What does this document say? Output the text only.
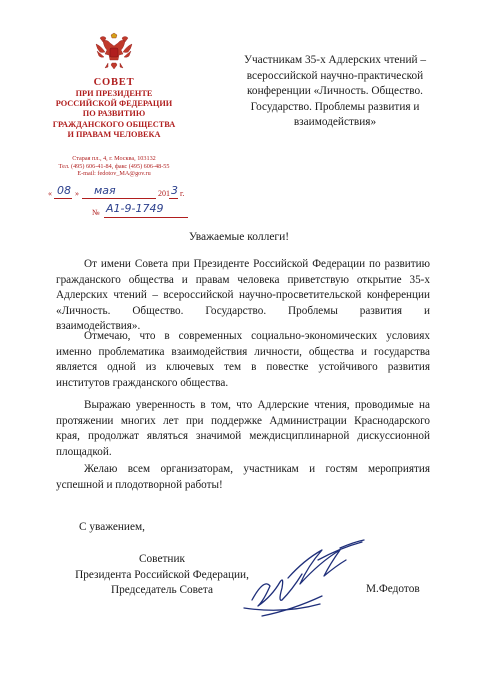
СОВЕТ
ПРИ ПРЕЗИДЕНТЕ
РОССИЙСКОЙ ФЕДЕРАЦИИ
ПО РАЗВИТИЮ
ГРАЖДАНСКОГО ОБЩЕСТВА
И ПРАВАМ ЧЕЛОВЕКА
Старая пл., 4, г. Москва, 103132
Тел. (495) 606-41-84, факс (495) 606-48-55
E-mail: fedotov_MA@gov.ru
« 08 » мая	201 3 г.
№ А1-9-1749
Участникам 35-х Адлерских чтений –
всероссийской научно-практической
конференции «Личность. Общество.
Государство. Проблемы развития и
взаимодействия»
Уважаемые коллеги!
От имени Совета при Президенте Российской Федерации по развитию
гражданского общества и правам человека приветствую открытие 35-х
Адлерских чтений – всероссийской научно-просветительской конференции
«Личность. Общество. Государство. Проблемы развития и
взаимодействия».
Отмечаю, что в современных социально-экономических условиях
именно проблематика взаимодействия личности, общества и государства
является одной из ключевых тем в повестке устойчивого развития
институтов гражданского общества.
Выражаю уверенность в том, что Адлерские чтения, проводимые на
протяжении многих лет при поддержке Администрации Краснодарского
края, продолжат являться значимой междисциплинарной дискуссионной
площадкой.
Желаю всем организаторам, участникам и гостям мероприятия
успешной и плодотворной работы!
С уважением,
Советник
Президента Российской Федерации,
Председатель Совета	М.Федотов
